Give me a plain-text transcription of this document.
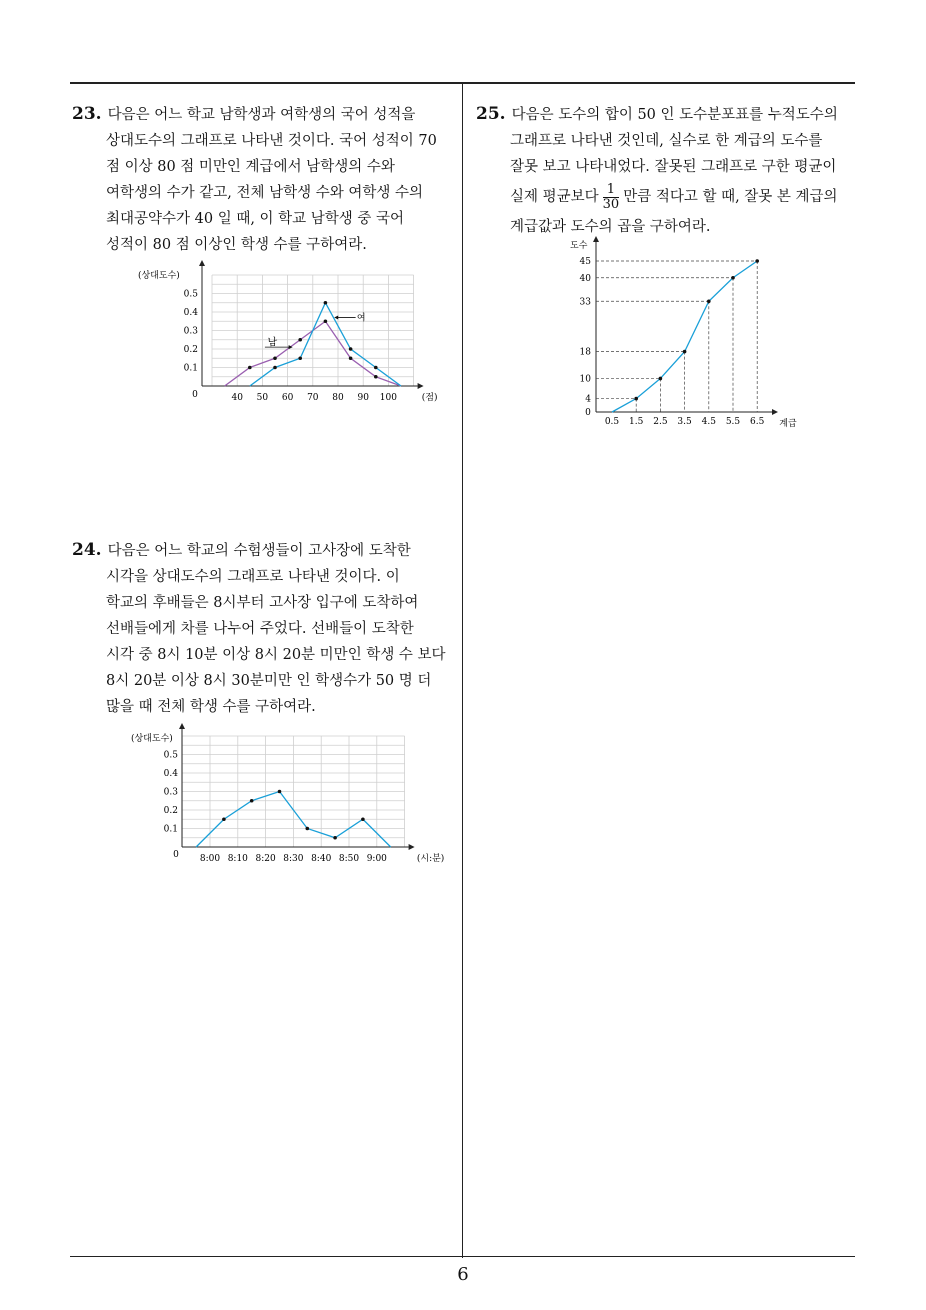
23. 다음은 어느 학교 남학생과 여학생의 국어 성적을
상대도수의 그래프로 나타낸 것이다. 국어 성적이 70
점 이상 80 점 미만인 계급에서 남학생의 수와
여학생의 수가 같고, 전체 남학생 수와 여학생 수의
최대공약수가 40 일 때, 이 학교 남학생 중 국어
성적이 80 점 이상인 학생 수를 구하여라.
(상대도수)
0
0.1
0.2
0.3
0.4
0.5
40 50 60 70 80 90 100	(점)
남
여
24. 다음은 어느 학교의 수험생들이 고사장에 도착한
시각을 상대도수의 그래프로 나타낸 것이다. 이
학교의 후배들은 8시부터 고사장 입구에 도착하여
선배들에게 차를 나누어 주었다. 선배들이 도착한
시각 중 8시 10분 이상 8시 20분 미만인 학생 수 보다
8시 20분 이상 8시 30분미만 인 학생수가 50 명 더
많을 때 전체 학생 수를 구하여라.
(상대도수)
0
0.1
0.2
0.3
0.4
0.5
8:00 8:10 8:20 8:30 8:40 8:50 9:00	(시:분)
25. 다음은 도수의 합이 50 인 도수분포표를 누적도수의
그래프로 나타낸 것인데, 실수로 한 계급의 도수를
잘못 보고 나타내었다. 잘못된 그래프로 구한 평균이
실제 평균보다 $\frac{1}{30}$ 만큼 적다고 할 때, 잘못 본 계급의
계급값과 도수의 곱을 구하여라.
도수
0
계급
4
10
18
33
40
45
0.5 1.5 2.5 3.5 4.5 5.5 6.5
6
